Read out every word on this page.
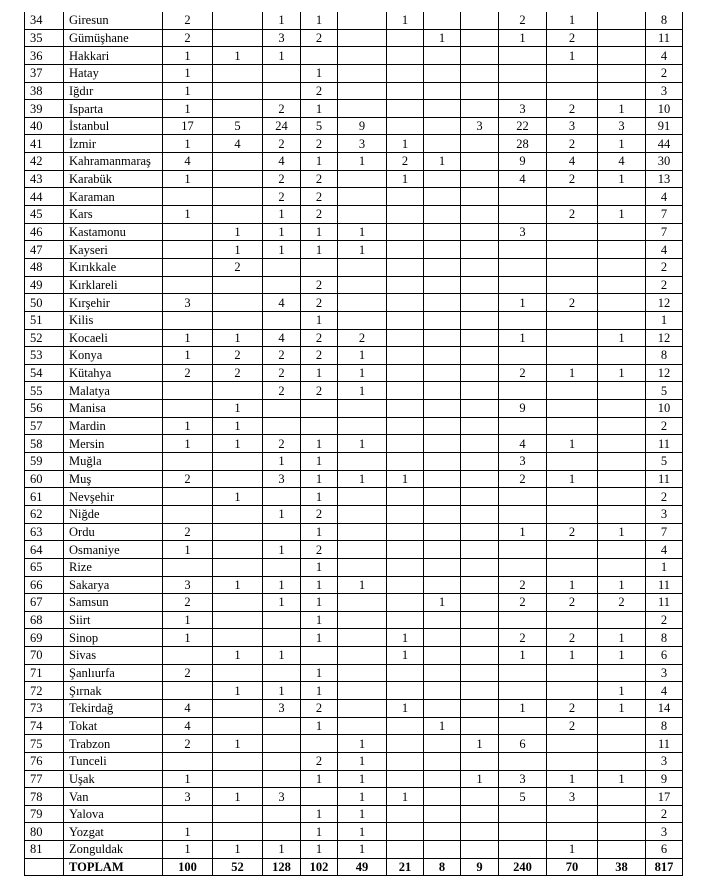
34	Giresun	2		1	1		1			2	1		8
35	Gümüşhane	2		3	2			1		1	2		11
36	Hakkari	1	1	1							1		4
37	Hatay	1			1								2
38	Iğdır	1			2								3
39	Isparta	1		2	1					3	2	1	10
40	İstanbul	17	5	24	5	9			3	22	3	3	91
41	İzmir	1	4	2	2	3	1			28	2	1	44
42	Kahramanmaraş	4		4	1	1	2	1		9	4	4	30
43	Karabük	1		2	2		1			4	2	1	13
44	Karaman			2	2								4
45	Kars	1		1	2						2	1	7
46	Kastamonu		1	1	1	1				3			7
47	Kayseri		1	1	1	1							4
48	Kırıkkale		2										2
49	Kırklareli				2								2
50	Kırşehir	3		4	2					1	2		12
51	Kilis				1								1
52	Kocaeli	1	1	4	2	2				1		1	12
53	Konya	1	2	2	2	1							8
54	Kütahya	2	2	2	1	1				2	1	1	12
55	Malatya			2	2	1							5
56	Manisa		1							9			10
57	Mardin	1	1										2
58	Mersin	1	1	2	1	1				4	1		11
59	Muğla			1	1					3			5
60	Muş	2		3	1	1	1			2	1		11
61	Nevşehir		1		1								2
62	Niğde			1	2								3
63	Ordu	2			1					1	2	1	7
64	Osmaniye	1		1	2								4
65	Rize				1								1
66	Sakarya	3	1	1	1	1				2	1	1	11
67	Samsun	2		1	1			1		2	2	2	11
68	Siirt	1			1								2
69	Sinop	1			1		1			2	2	1	8
70	Sivas		1	1			1			1	1	1	6
71	Şanlıurfa	2			1								3
72	Şırnak		1	1	1							1	4
73	Tekirdağ	4		3	2		1			1	2	1	14
74	Tokat	4			1			1			2		8
75	Trabzon	2	1			1			1	6			11
76	Tunceli				2	1							3
77	Uşak	1			1	1			1	3	1	1	9
78	Van	3	1	3		1	1			5	3		17
79	Yalova				1	1							2
80	Yozgat	1			1	1							3
81	Zonguldak	1	1	1	1	1					1		6
	TOPLAM	100	52	128	102	49	21	8	9	240	70	38	817
